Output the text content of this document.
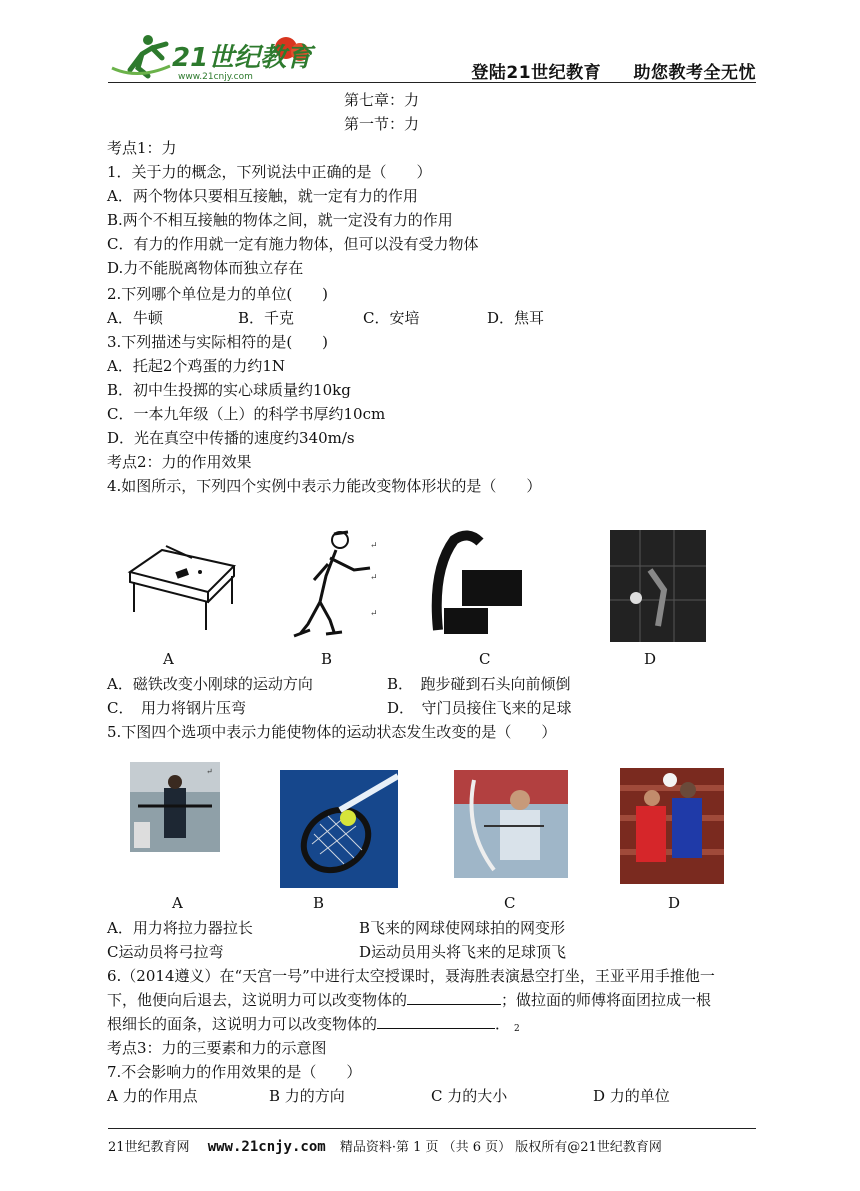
21世纪教育
www.21cnjy.com	登陆21世纪教育 助您教考全无忧
第七章：力
第一节：力
考点1：力
1．关于力的概念，下列说法中正确的是（　　）
A．两个物体只要相互接触，就一定有力的作用
B.两个不相互接触的物体之间，就一定没有力的作用
C．有力的作用就一定有施力物体，但可以没有受力物体
D.力不能脱离物体而独立存在
2.下列哪个单位是力的单位(　　)
A．牛顿	B．千克	C．安培	D．焦耳
3.下列描述与实际相符的是(　　)
A．托起2个鸡蛋的力约1N
B．初中生投掷的实心球质量约10kg
C．一本九年级（上）的科学书厚约10cm
D．光在真空中传播的速度约340m/s
考点2：力的作用效果
4.如图所示，下列四个实例中表示力能改变物体形状的是（　　）
↵
↵
↵
A	B	C	D
A．磁铁改变小刚球的运动方向	B．　跑步碰到石头向前倾倒
C．　用力将钢片压弯	D．　守门员接住飞来的足球
5.下图四个选项中表示力能使物体的运动状态发生改变的是（　　）
↵
A	B	C	D
A．用力将拉力器拉长	B飞来的网球使网球拍的网变形
C运动员将弓拉弯	D运动员用头将飞来的足球顶飞
6.（2014遵义）在“天宫一号”中进行太空授课时，聂海胜表演悬空打坐，王亚平用手推他一
下，他便向后退去，这说明力可以改变物体的	；做拉面的师傅将面团拉成一根
根细长的面条，这说明力可以改变物体的	． $_2$
考点3：力的三要素和力的示意图
7.不会影响力的作用效果的是（　　）
A 力的作用点	B 力的方向	C 力的大小	D 力的单位
21世纪教育网 www.21cnjy.com 精品资料·第 1 页 （共 6 页） 版权所有@21世纪教育网
